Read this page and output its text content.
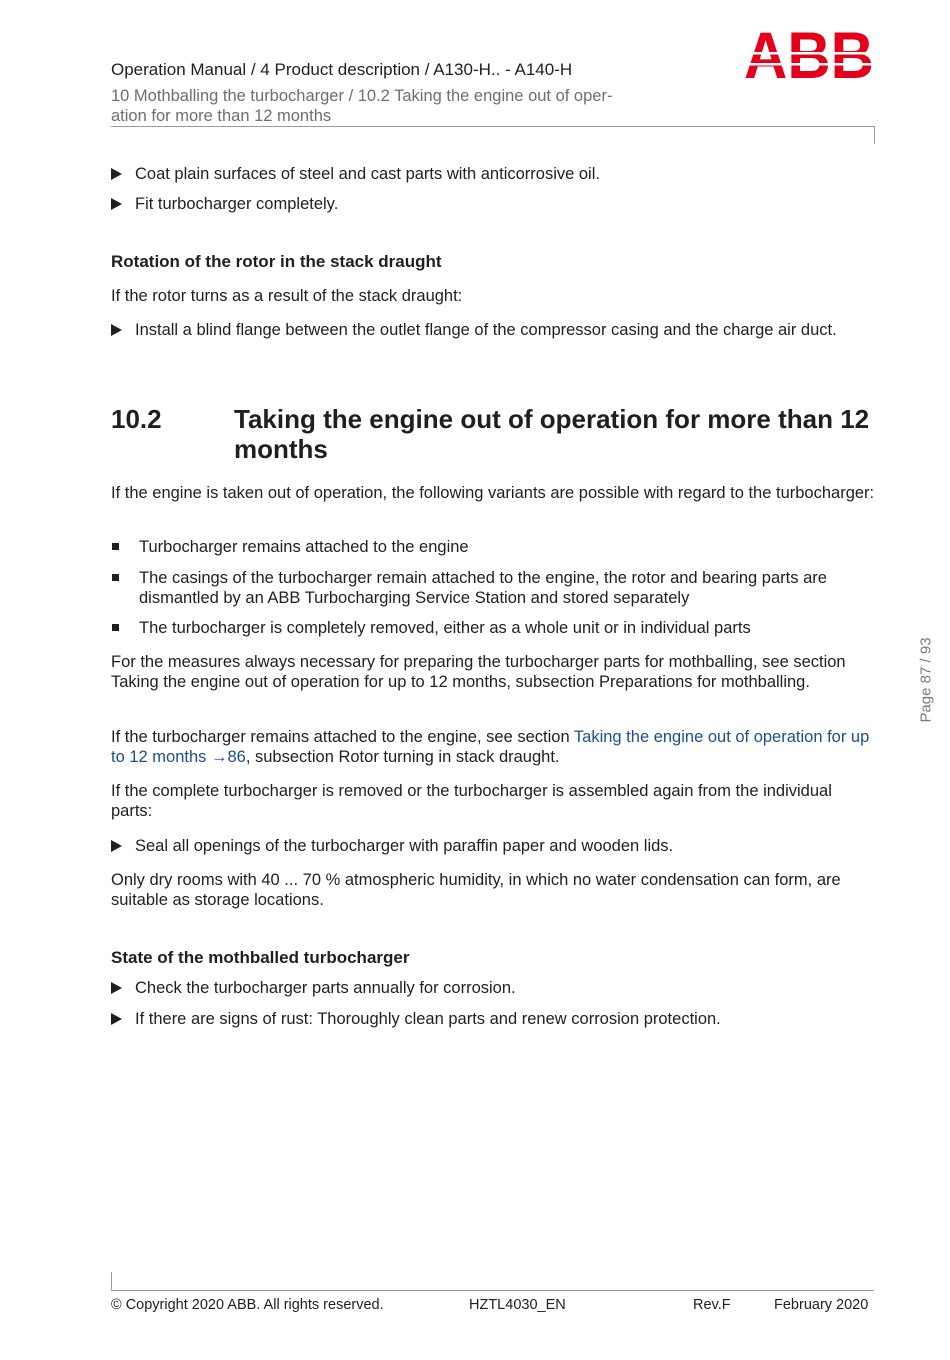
Operation Manual / 4 Product description / A130-H.. - A140-H
10 Mothballing the turbocharger / 10.2 Taking the engine out of oper-
ation for more than 12 months
Coat plain surfaces of steel and cast parts with anticorrosive oil.
Fit turbocharger completely.
Rotation of the rotor in the stack draught
If the rotor turns as a result of the stack draught:
Install a blind flange between the outlet flange of the compressor casing and the charge air duct.
10.2	Taking the engine out of operation for more than 12 months
If the engine is taken out of operation, the following variants are possible with regard to the turbocharger:
Turbocharger remains attached to the engine
The casings of the turbocharger remain attached to the engine, the rotor and bearing parts are dismantled by an ABB Turbocharging Service Station and stored separately
The turbocharger is completely removed, either as a whole unit or in individual parts
For the measures always necessary for preparing the turbocharger parts for mothballing, see section Taking the engine out of operation for up to 12 months, subsection Preparations for mothballing.
If the turbocharger remains attached to the engine, see section Taking the engine out of operation for up to 12 months →86, subsection Rotor turning in stack draught.
If the complete turbocharger is removed or the turbocharger is assembled again from the individual parts:
Seal all openings of the turbocharger with paraffin paper and wooden lids.
Only dry rooms with 40 ... 70 % atmospheric humidity, in which no water condensation can form, are suitable as storage locations.
State of the mothballed turbocharger
Check the turbocharger parts annually for corrosion.
If there are signs of rust: Thoroughly clean parts and renew corrosion protection.
Page 87 / 93
© Copyright 2020 ABB. All rights reserved.	HZTL4030_EN	Rev.F	February 2020
